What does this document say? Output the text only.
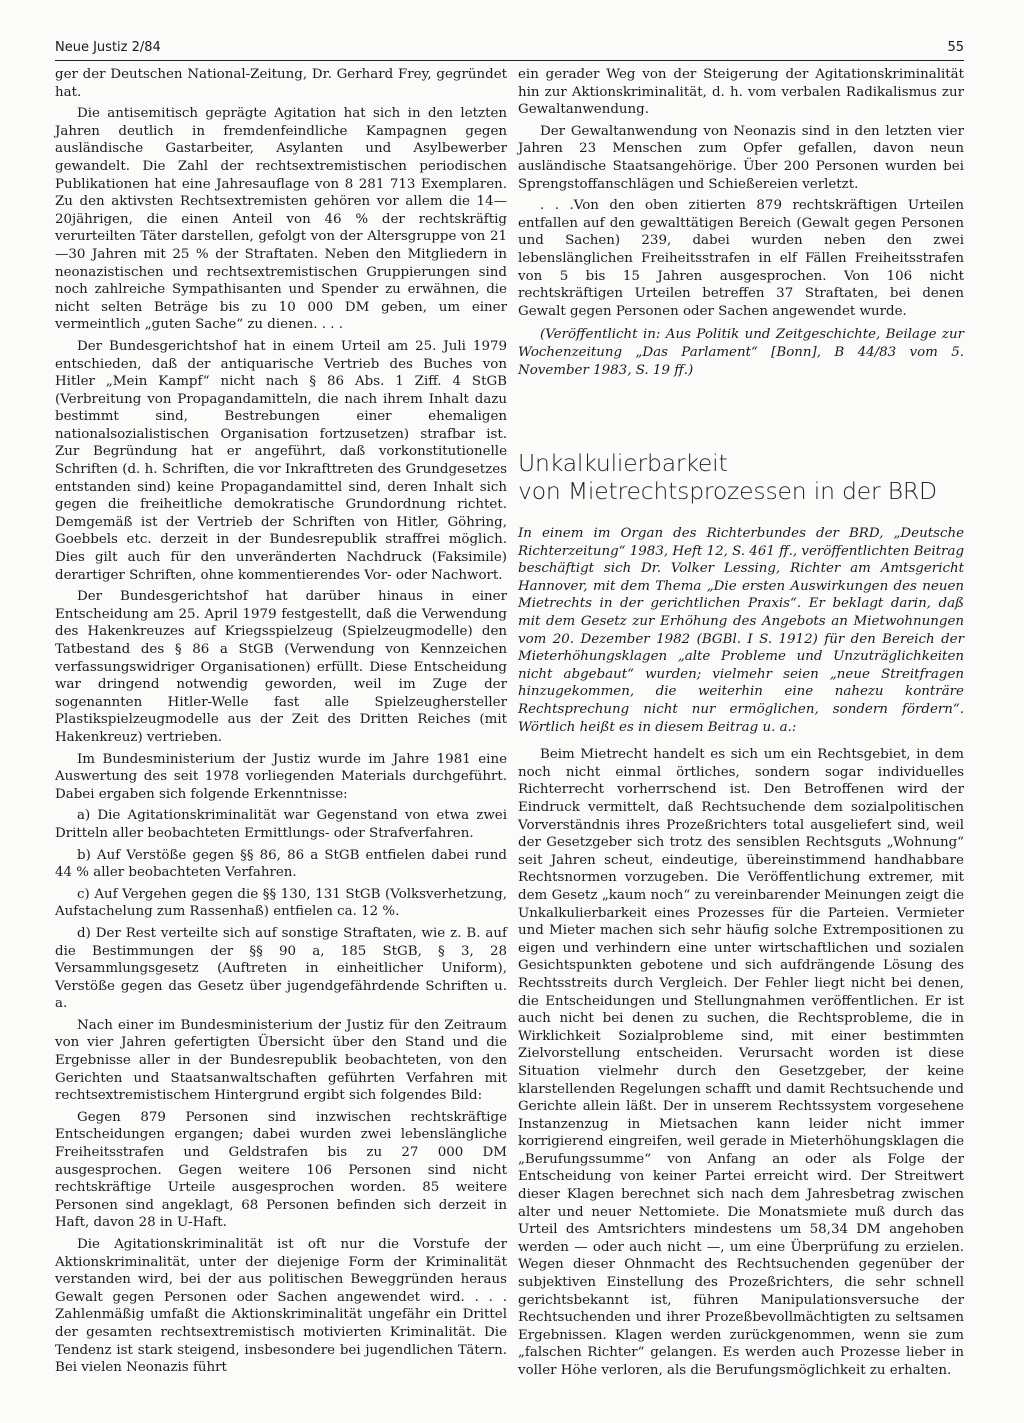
Neue Justiz 2/84	55

ger der Deutschen National-Zeitung, Dr. Gerhard Frey, gegründet hat.

Die antisemitisch geprägte Agitation hat sich in den letzten Jahren deutlich in fremdenfeindliche Kampagnen gegen ausländische Gastarbeiter, Asylanten und Asylbewerber gewandelt. Die Zahl der rechtsextremistischen periodischen Publikationen hat eine Jahresauflage von 8 281 713 Exemplaren. Zu den aktivsten Rechtsextremisten gehören vor allem die 14—20jährigen, die einen Anteil von 46 % der rechtskräftig verurteilten Täter darstellen, gefolgt von der Altersgruppe von 21—30 Jahren mit 25 % der Straftaten. Neben den Mitgliedern in neonazistischen und rechtsextremistischen Gruppierungen sind noch zahlreiche Sympathisanten und Spender zu erwähnen, die nicht selten Beträge bis zu 10 000 DM geben, um einer vermeintlich „guten Sache“ zu dienen. . . .

Der Bundesgerichtshof hat in einem Urteil am 25. Juli 1979 entschieden, daß der antiquarische Vertrieb des Buches von Hitler „Mein Kampf“ nicht nach § 86 Abs. 1 Ziff. 4 StGB (Verbreitung von Propagandamitteln, die nach ihrem Inhalt dazu bestimmt sind, Bestrebungen einer ehemaligen nationalsozialistischen Organisation fortzusetzen) strafbar ist. Zur Begründung hat er angeführt, daß vorkonstitutionelle Schriften (d. h. Schriften, die vor Inkrafttreten des Grundgesetzes entstanden sind) keine Propagandamittel sind, deren Inhalt sich gegen die freiheitliche demokratische Grundordnung richtet. Demgemäß ist der Vertrieb der Schriften von Hitler, Göhring, Goebbels etc. derzeit in der Bundesrepublik straffrei möglich. Dies gilt auch für den unveränderten Nachdruck (Faksimile) derartiger Schriften, ohne kommentierendes Vor- oder Nachwort.

Der Bundesgerichtshof hat darüber hinaus in einer Entscheidung am 25. April 1979 festgestellt, daß die Verwendung des Hakenkreuzes auf Kriegsspielzeug (Spielzeugmodelle) den Tatbestand des § 86 a StGB (Verwendung von Kennzeichen verfassungswidriger Organisationen) erfüllt. Diese Entscheidung war dringend notwendig geworden, weil im Zuge der sogenannten Hitler-Welle fast alle Spielzeughersteller Plastikspielzeugmodelle aus der Zeit des Dritten Reiches (mit Hakenkreuz) vertrieben.

Im Bundesministerium der Justiz wurde im Jahre 1981 eine Auswertung des seit 1978 vorliegenden Materials durchgeführt. Dabei ergaben sich folgende Erkenntnisse:

a) Die Agitationskriminalität war Gegenstand von etwa zwei Dritteln aller beobachteten Ermittlungs- oder Strafverfahren.

b) Auf Verstöße gegen §§ 86, 86 a StGB entfielen dabei rund 44 % aller beobachteten Verfahren.

c) Auf Vergehen gegen die §§ 130, 131 StGB (Volksverhetzung, Aufstachelung zum Rassenhaß) entfielen ca. 12 %.

d) Der Rest verteilte sich auf sonstige Straftaten, wie z. B. auf die Bestimmungen der §§ 90 a, 185 StGB, § 3, 28 Versammlungsgesetz (Auftreten in einheitlicher Uniform), Verstöße gegen das Gesetz über jugendgefährdende Schriften u. a.

Nach einer im Bundesministerium der Justiz für den Zeitraum von vier Jahren gefertigten Übersicht über den Stand und die Ergebnisse aller in der Bundesrepublik beobachteten, von den Gerichten und Staatsanwaltschaften geführten Verfahren mit rechtsextremistischem Hintergrund ergibt sich folgendes Bild:

Gegen 879 Personen sind inzwischen rechtskräftige Entscheidungen ergangen; dabei wurden zwei lebenslängliche Freiheitsstrafen und Geldstrafen bis zu 27 000 DM ausgesprochen. Gegen weitere 106 Personen sind nicht rechtskräftige Urteile ausgesprochen worden. 85 weitere Personen sind angeklagt, 68 Personen befinden sich derzeit in Haft, davon 28 in U-Haft.

Die Agitationskriminalität ist oft nur die Vorstufe der Aktionskriminalität, unter der diejenige Form der Kriminalität verstanden wird, bei der aus politischen Beweggründen heraus Gewalt gegen Personen oder Sachen angewendet wird. . . . Zahlenmäßig umfaßt die Aktionskriminalität ungefähr ein Drittel der gesamten rechtsextremistisch motivierten Kriminalität. Die Tendenz ist stark steigend, insbesondere bei jugendlichen Tätern. Bei vielen Neonazis führt

ein gerader Weg von der Steigerung der Agitationskriminalität hin zur Aktionskriminalität, d. h. vom verbalen Radikalismus zur Gewaltanwendung.

Der Gewaltanwendung von Neonazis sind in den letzten vier Jahren 23 Menschen zum Opfer gefallen, davon neun ausländische Staatsangehörige. Über 200 Personen wurden bei Sprengstoffanschlägen und Schießereien verletzt.

. . .Von den oben zitierten 879 rechtskräftigen Urteilen entfallen auf den gewalttätigen Bereich (Gewalt gegen Personen und Sachen) 239, dabei wurden neben den zwei lebenslänglichen Freiheitsstrafen in elf Fällen Freiheitsstrafen von 5 bis 15 Jahren ausgesprochen. Von 106 nicht rechtskräftigen Urteilen betreffen 37 Straftaten, bei denen Gewalt gegen Personen oder Sachen angewendet wurde.

(Veröffentlicht in: Aus Politik und Zeitgeschichte, Beilage zur Wochenzeitung „Das Parlament“ [Bonn], B 44/83 vom 5. November 1983, S. 19 ff.)

Unkalkulierbarkeit
von Mietrechtsprozessen in der BRD

In einem im Organ des Richterbundes der BRD, „Deutsche Richterzeitung“ 1983, Heft 12, S. 461 ff., veröffentlichten Beitrag beschäftigt sich Dr. Volker Lessing, Richter am Amtsgericht Hannover, mit dem Thema „Die ersten Auswirkungen des neuen Mietrechts in der gerichtlichen Praxis“. Er beklagt darin, daß mit dem Gesetz zur Erhöhung des Angebots an Mietwohnungen vom 20. Dezember 1982 (BGBl. I S. 1912) für den Bereich der Mieterhöhungsklagen „alte Probleme und Unzuträglichkeiten nicht abgebaut“ wurden; vielmehr seien „neue Streitfragen hinzugekommen, die weiterhin eine nahezu konträre Rechtsprechung nicht nur ermöglichen, sondern fördern“. Wörtlich heißt es in diesem Beitrag u. a.:

Beim Mietrecht handelt es sich um ein Rechtsgebiet, in dem noch nicht einmal örtliches, sondern sogar individuelles Richterrecht vorherrschend ist. Den Betroffenen wird der Eindruck vermittelt, daß Rechtsuchende dem sozialpolitischen Vorverständnis ihres Prozeßrichters total ausgeliefert sind, weil der Gesetzgeber sich trotz des sensiblen Rechtsguts „Wohnung“ seit Jahren scheut, eindeutige, übereinstimmend handhabbare Rechtsnormen vorzugeben. Die Veröffentlichung extremer, mit dem Gesetz „kaum noch“ zu vereinbarender Meinungen zeigt die Unkalkulierbarkeit eines Prozesses für die Parteien. Vermieter und Mieter machen sich sehr häufig solche Extrempositionen zu eigen und verhindern eine unter wirtschaftlichen und sozialen Gesichtspunkten gebotene und sich aufdrängende Lösung des Rechtsstreits durch Vergleich. Der Fehler liegt nicht bei denen, die Entscheidungen und Stellungnahmen veröffentlichen. Er ist auch nicht bei denen zu suchen, die Rechtsprobleme, die in Wirklichkeit Sozialprobleme sind, mit einer bestimmten Zielvorstellung entscheiden. Verursacht worden ist diese Situation vielmehr durch den Gesetzgeber, der keine klarstellenden Regelungen schafft und damit Rechtsuchende und Gerichte allein läßt. Der in unserem Rechtssystem vorgesehene Instanzenzug in Mietsachen kann leider nicht immer korrigierend eingreifen, weil gerade in Mieterhöhungsklagen die „Berufungssumme“ von Anfang an oder als Folge der Entscheidung von keiner Partei erreicht wird. Der Streitwert dieser Klagen berechnet sich nach dem Jahresbetrag zwischen alter und neuer Nettomiete. Die Monatsmiete muß durch das Urteil des Amtsrichters mindestens um 58,34 DM angehoben werden — oder auch nicht —, um eine Überprüfung zu erzielen. Wegen dieser Ohnmacht des Rechtsuchenden gegenüber der subjektiven Einstellung des Prozeßrichters, die sehr schnell gerichtsbekannt ist, führen Manipulationsversuche der Rechtsuchenden und ihrer Prozeßbevollmächtigten zu seltsamen Ergebnissen. Klagen werden zurückgenommen, wenn sie zum „falschen Richter“ gelangen. Es werden auch Prozesse lieber in voller Höhe verloren, als die Berufungsmöglichkeit zu erhalten.
